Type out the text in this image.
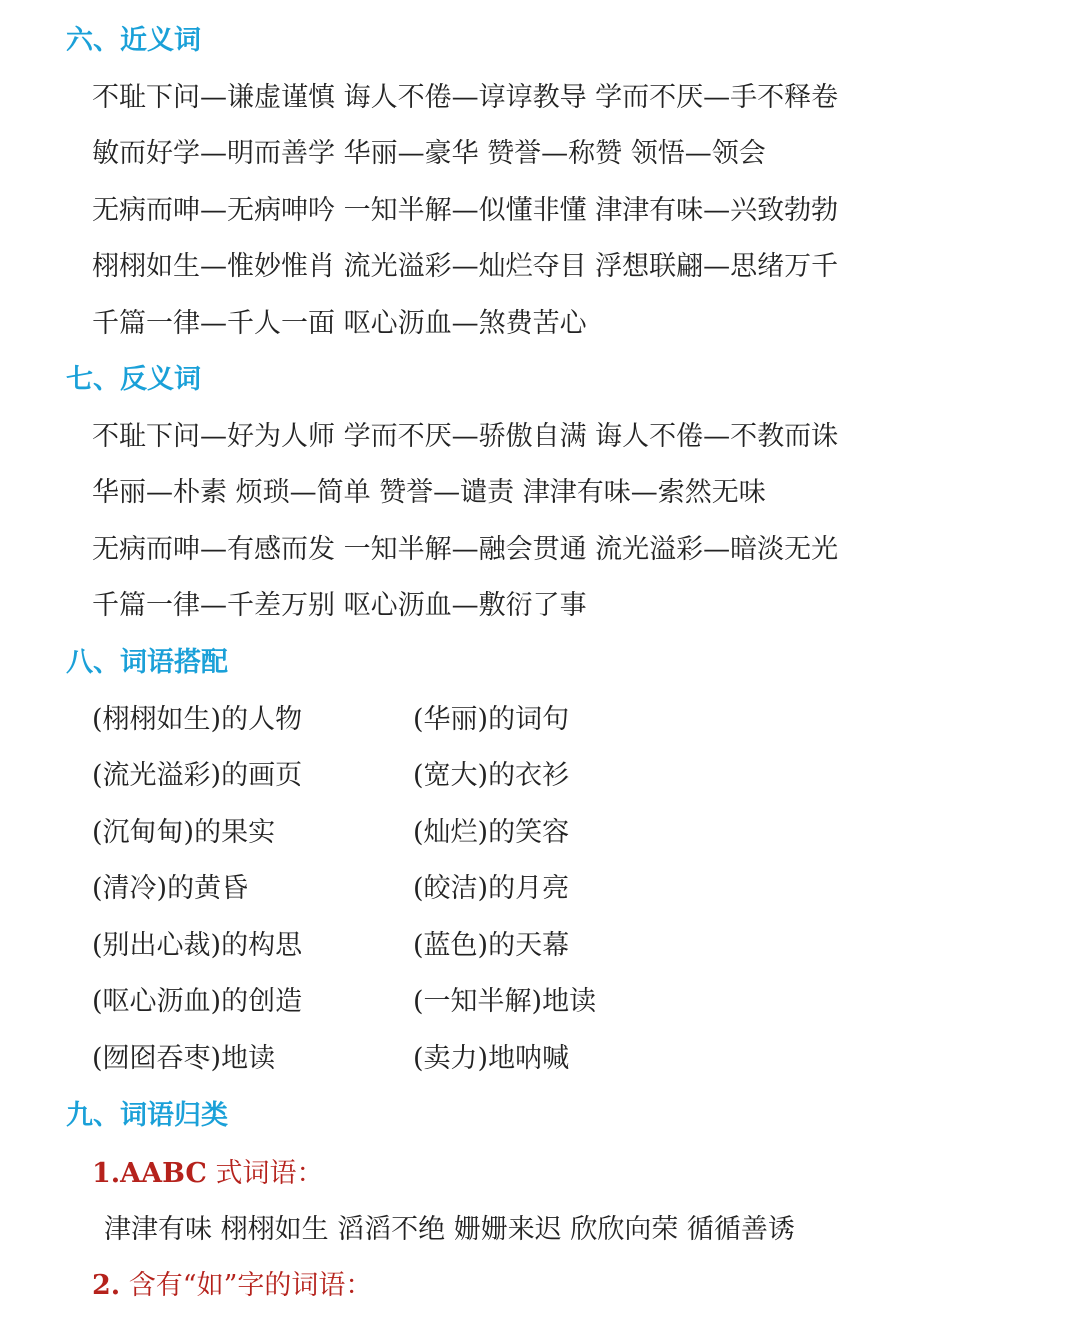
六、近义词
不耻下问—谦虚谨慎 诲人不倦—谆谆教导 学而不厌—手不释卷
敏而好学—明而善学 华丽—豪华 赞誉—称赞 领悟—领会
无病而呻—无病呻吟 一知半解—似懂非懂 津津有味—兴致勃勃
栩栩如生—惟妙惟肖 流光溢彩—灿烂夺目 浮想联翩—思绪万千
千篇一律—千人一面 呕心沥血—煞费苦心
七、反义词
不耻下问—好为人师 学而不厌—骄傲自满 诲人不倦—不教而诛
华丽—朴素 烦琐—简单 赞誉—谴责 津津有味—索然无味
无病而呻—有感而发 一知半解—融会贯通 流光溢彩—暗淡无光
千篇一律—千差万别 呕心沥血—敷衍了事
八、词语搭配
(栩栩如生)的人物	(华丽)的词句
(流光溢彩)的画页	(宽大)的衣衫
(沉甸甸)的果实	(灿烂)的笑容
(清冷)的黄昏	(皎洁)的月亮
(别出心裁)的构思	(蓝色)的天幕
(呕心沥血)的创造	(一知半解)地读
(囫囵吞枣)地读	(卖力)地呐喊
九、词语归类
1.AABC 式词语：
津津有味 栩栩如生 滔滔不绝 姗姗来迟 欣欣向荣 循循善诱
2. 含有“如”字的词语：
